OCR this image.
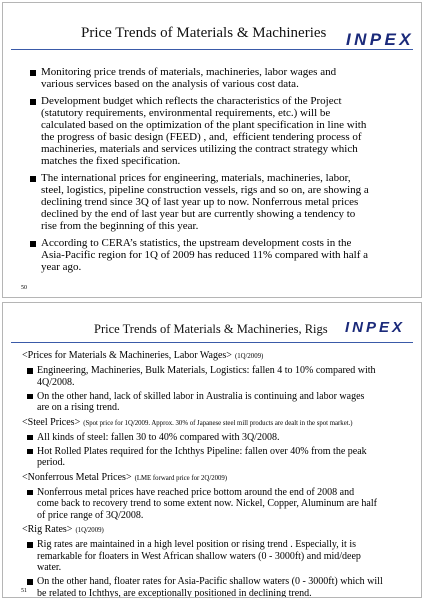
Price Trends of Materials & Machineries INPEX
Monitoring price trends of materials, machineries, labor wages and
various services based on the analysis of various cost data.
Development budget which reflects the characteristics of the Project
(statutory requirements, environmental requirements, etc.) will be
calculated based on the optimization of the plant specification in line with
the progress of basic design (FEED) , and,  efficient tendering process of
machineries, materials and services utilizing the contract strategy which
matches the fixed specification.
The international prices for engineering, materials, machineries, labor,
steel, logistics, pipeline construction vessels, rigs and so on, are showing a
declining trend since 3Q of last year up to now. Nonferrous metal prices
declined by the end of last year but are currently showing a tendency to
rise from the beginning of this year.
According to CERA’s statistics, the upstream development costs in the
Asia-Pacific region for 1Q of 2009 has reduced 11% compared with half a
year ago.
50
Price Trends of Materials & Machineries, Rigs INPEX
<Prices for Materials & Machineries, Labor Wages> (1Q/2009)
Engineering, Machineries, Bulk Materials, Logistics: fallen 4 to 10% compared with
4Q/2008.
On the other hand, lack of skilled labor in Australia is continuing and labor wages
are on a rising trend.
<Steel Prices> (Spot price for 1Q/2009. Approx. 30% of Japanese steel mill products are dealt in the spot market.)
All kinds of steel: fallen 30 to 40% compared with 3Q/2008.
Hot Rolled Plates required for the Ichthys Pipeline: fallen over 40% from the peak
period.
<Nonferrous Metal Prices> (LME forward price for 2Q/2009)
Nonferrous metal prices have reached price bottom around the end of 2008 and
come back to recovery trend to some extent now. Nickel, Copper, Aluminum are half
of price range of 3Q/2008.
<Rig Rates> (1Q/2009)
Rig rates are maintained in a high level position or rising trend . Especially, it is
remarkable for floaters in West African shallow waters (0 - 3000ft) and mid/deep
water.
On the other hand, floater rates for Asia-Pacific shallow waters (0 - 3000ft) which will
be related to Ichthys, are exceptionally positioned in declining trend.
51
